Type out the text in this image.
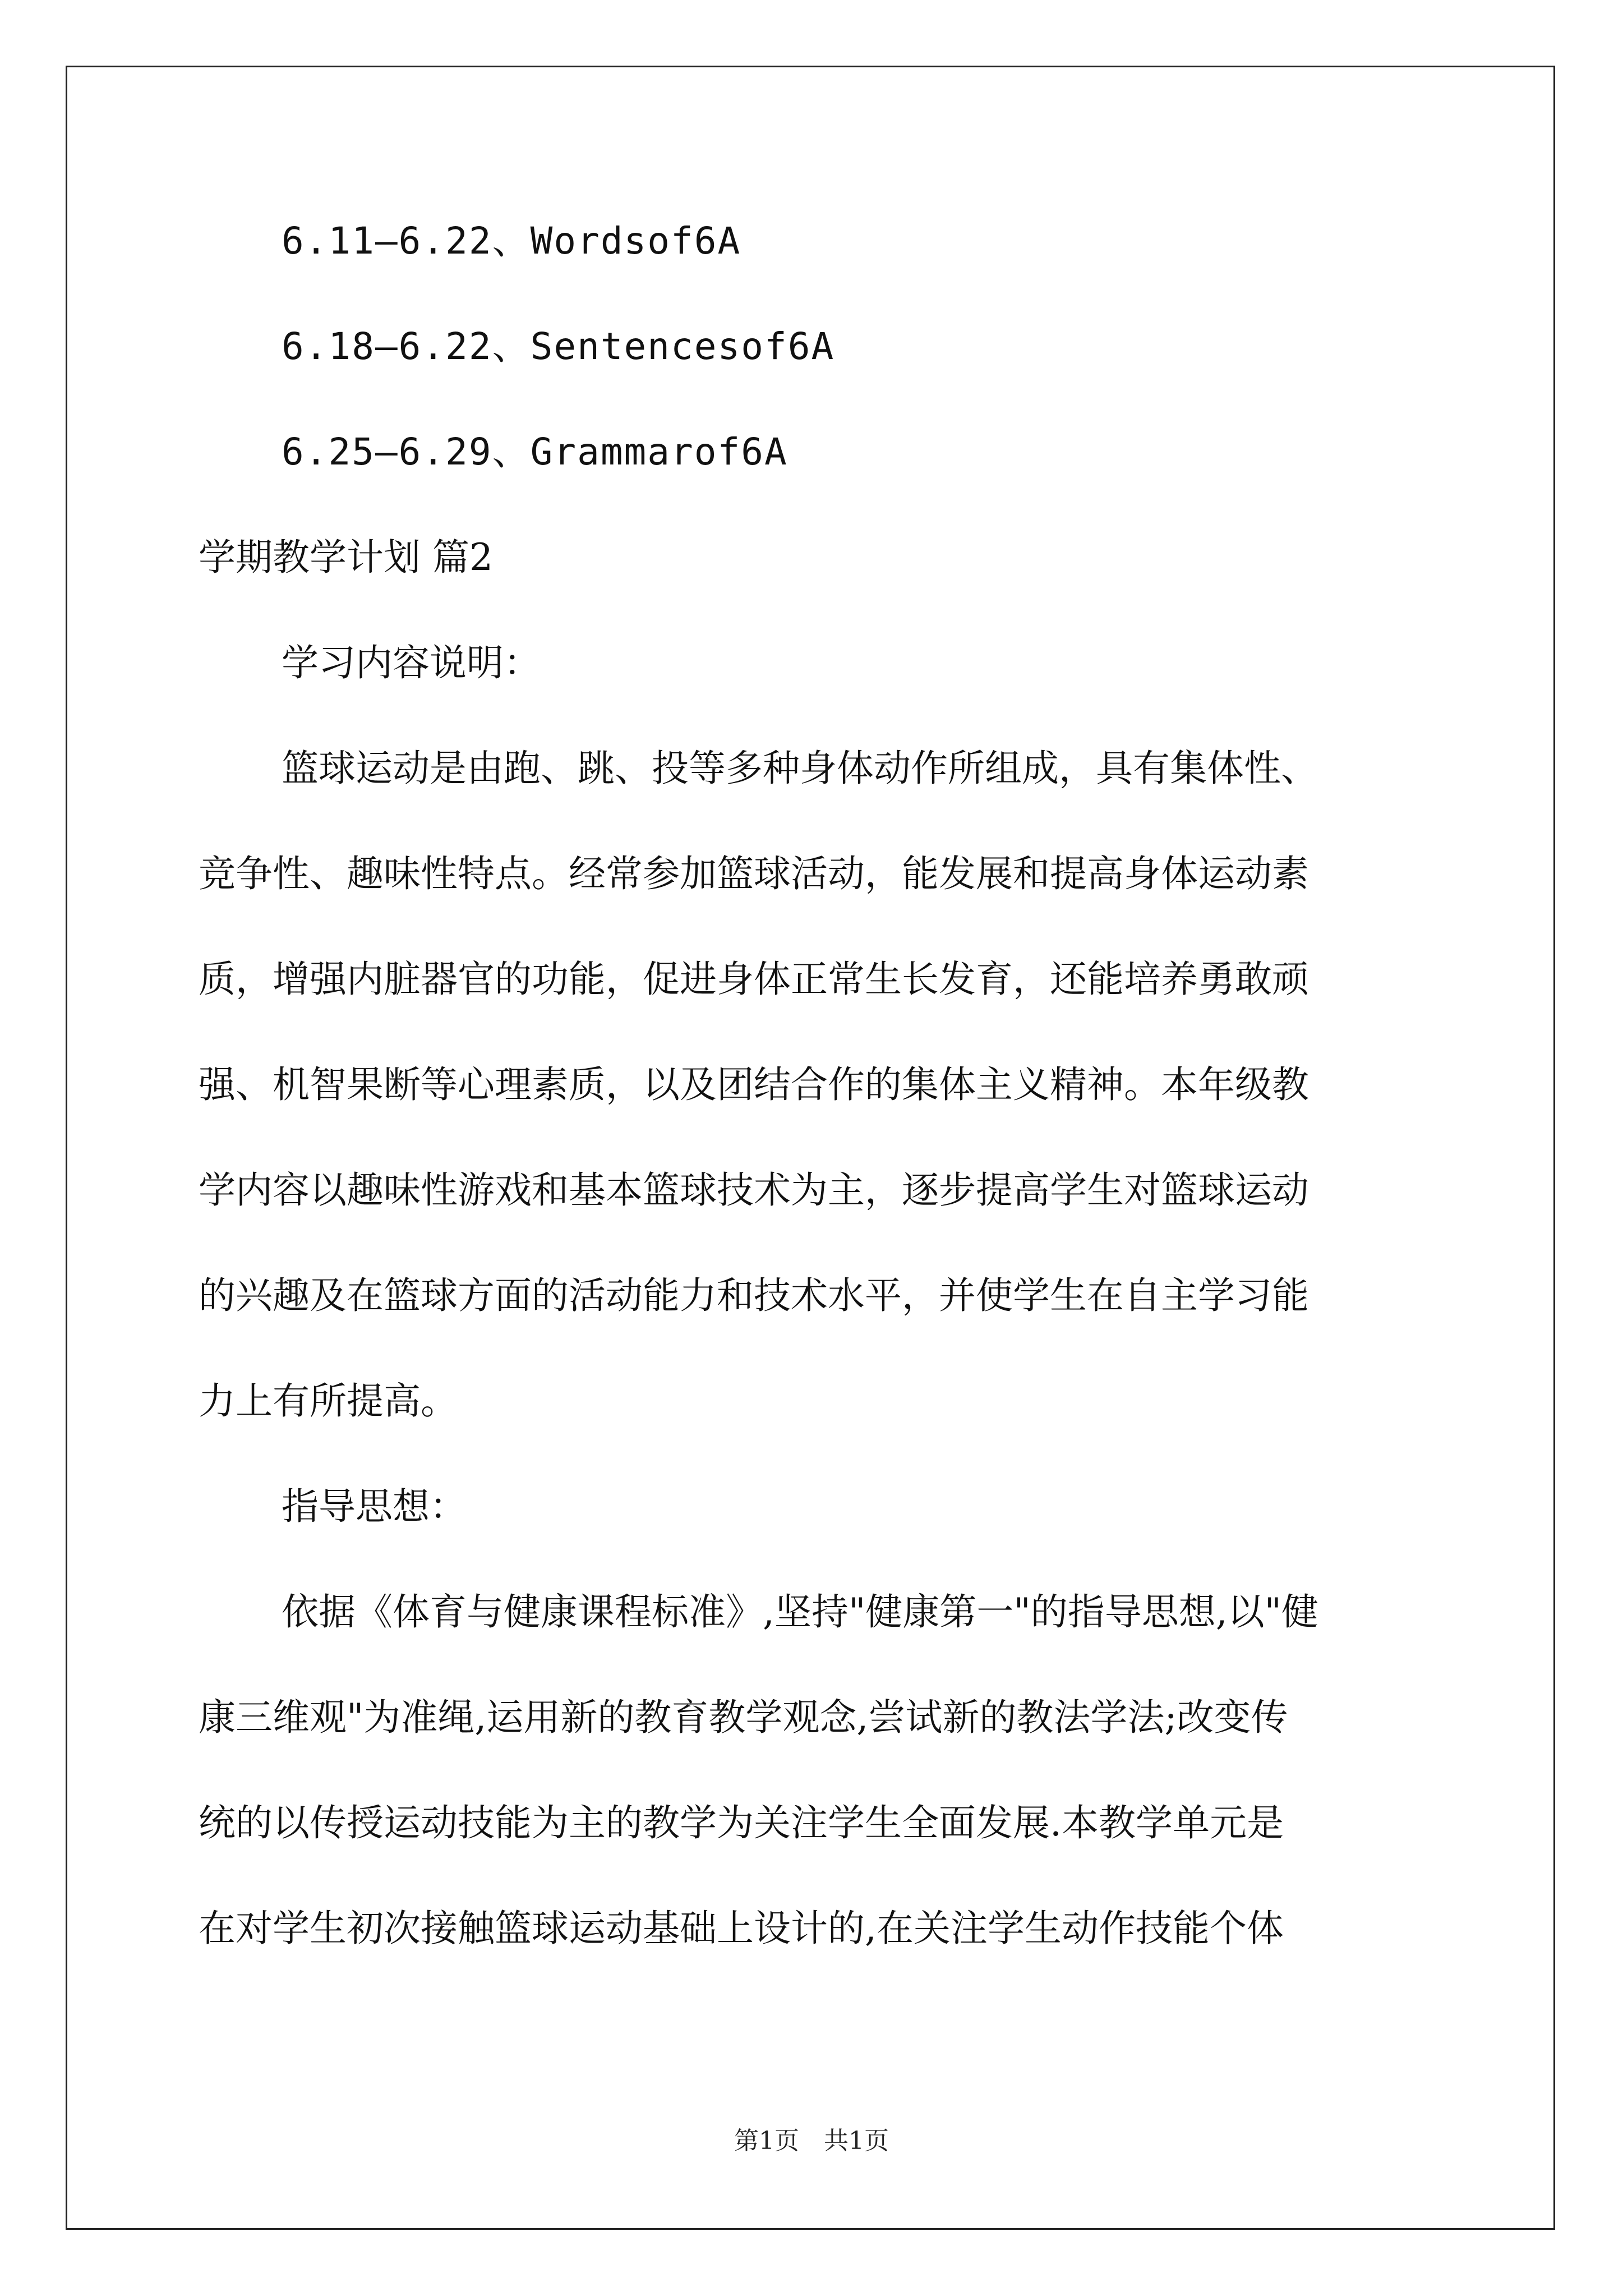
6.11—6.22、Wordsof6A
6.18—6.22、Sentencesof6A
6.25—6.29、Grammarof6A
学期教学计划 篇2
学习内容说明：
篮球运动是由跑、跳、投等多种身体动作所组成，具有集体性、
竞争性、趣味性特点。经常参加篮球活动，能发展和提高身体运动素
质，增强内脏器官的功能，促进身体正常生长发育，还能培养勇敢顽
强、机智果断等心理素质，以及团结合作的集体主义精神。本年级教
学内容以趣味性游戏和基本篮球技术为主，逐步提高学生对篮球运动
的兴趣及在篮球方面的活动能力和技术水平，并使学生在自主学习能
力上有所提高。
指导思想：
依据《体育与健康课程标准》,坚持"健康第一"的指导思想,以"健
康三维观"为准绳,运用新的教育教学观念,尝试新的教法学法;改变传
统的以传授运动技能为主的教学为关注学生全面发展.本教学单元是
在对学生初次接触篮球运动基础上设计的,在关注学生动作技能个体
第1页　共1页
